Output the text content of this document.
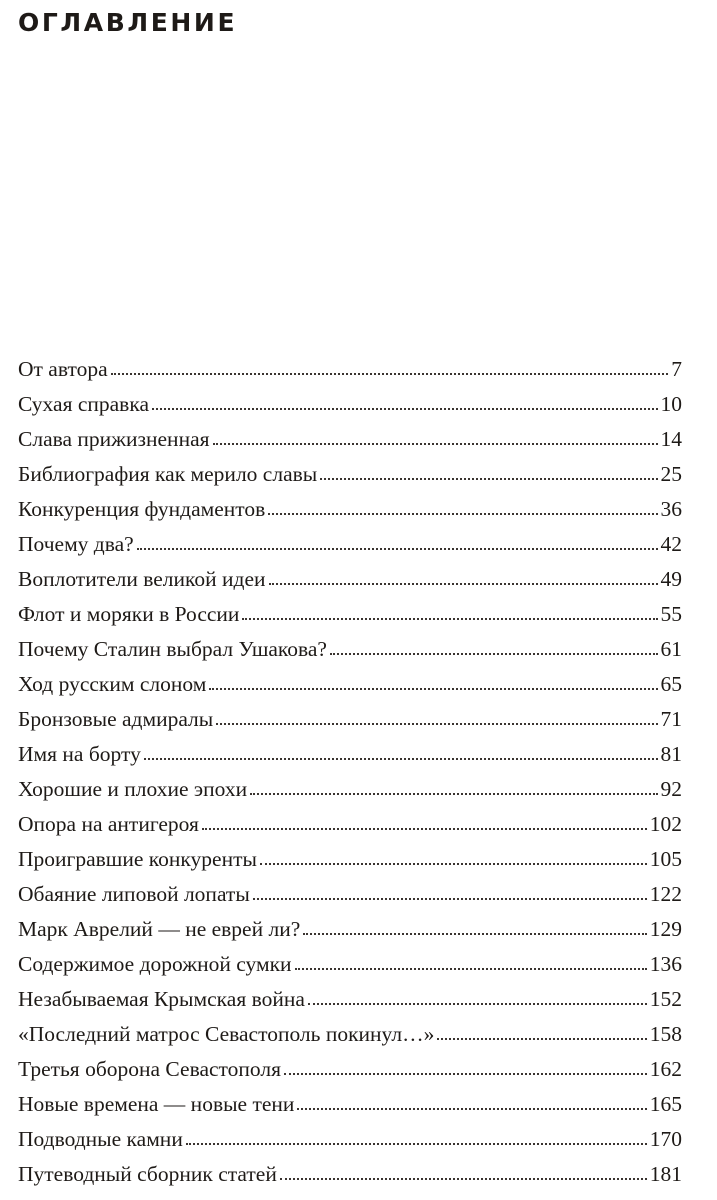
ОГЛАВЛЕНИЕ
От автора	7
Сухая справка	10
Слава прижизненная	14
Библиография как мерило славы	25
Конкуренция фундаментов	36
Почему два?	42
Воплотители великой идеи	49
Флот и моряки в России	55
Почему Сталин выбрал Ушакова?	61
Ход русским слоном	65
Бронзовые адмиралы	71
Имя на борту	81
Хорошие и плохие эпохи	92
Опора на антигероя	102
Проигравшие конкуренты	105
Обаяние липовой лопаты	122
Марк Аврелий — не еврей ли?	129
Содержимое дорожной сумки	136
Незабываемая Крымская война	152
«Последний матрос Севастополь покинул…»	158
Третья оборона Севастополя	162
Новые времена — новые тени	165
Подводные камни	170
Путеводный сборник статей	181
